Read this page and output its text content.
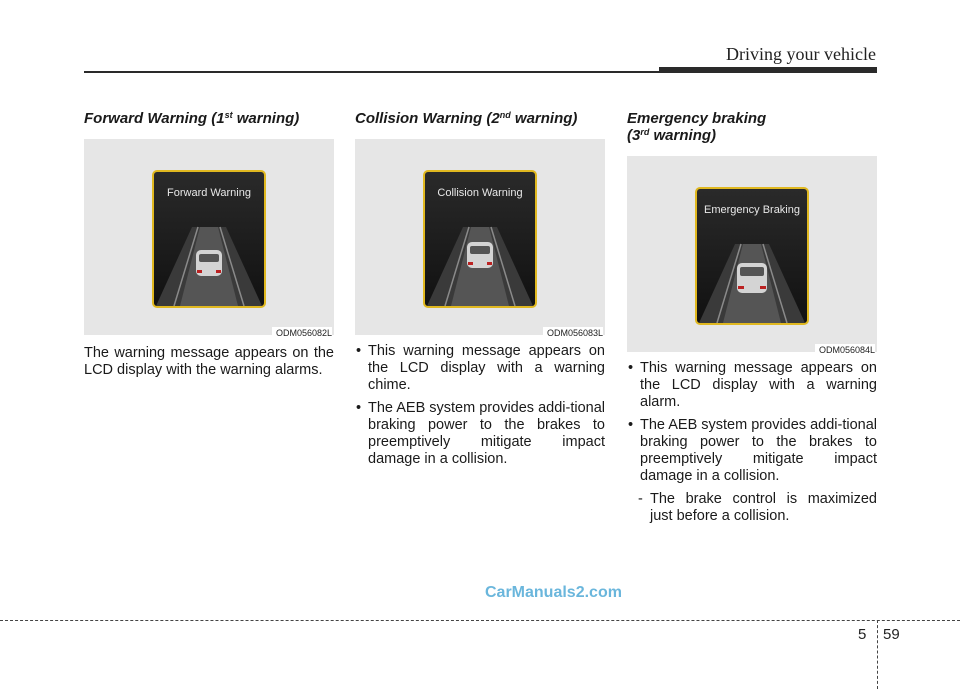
Driving your vehicle
Forward Warning (1st warning)
Forward Warning
ODM056082L
The warning message appears on the LCD display with the warning alarms.
Collision Warning (2nd warning)
Collision Warning
ODM056083L
• This warning message appears on the LCD display with a warning chime.
• The AEB system provides addi-tional braking power to the brakes to preemptively mitigate impact damage in a collision.
Emergency braking
(3rd warning)
Emergency Braking
ODM056084L
• This warning message appears on the LCD display with a warning alarm.
• The AEB system provides addi-tional braking power to the brakes to preemptively mitigate impact damage in a collision.
- The brake control is maximized just before a collision.
CarManuals2.com
5 59
